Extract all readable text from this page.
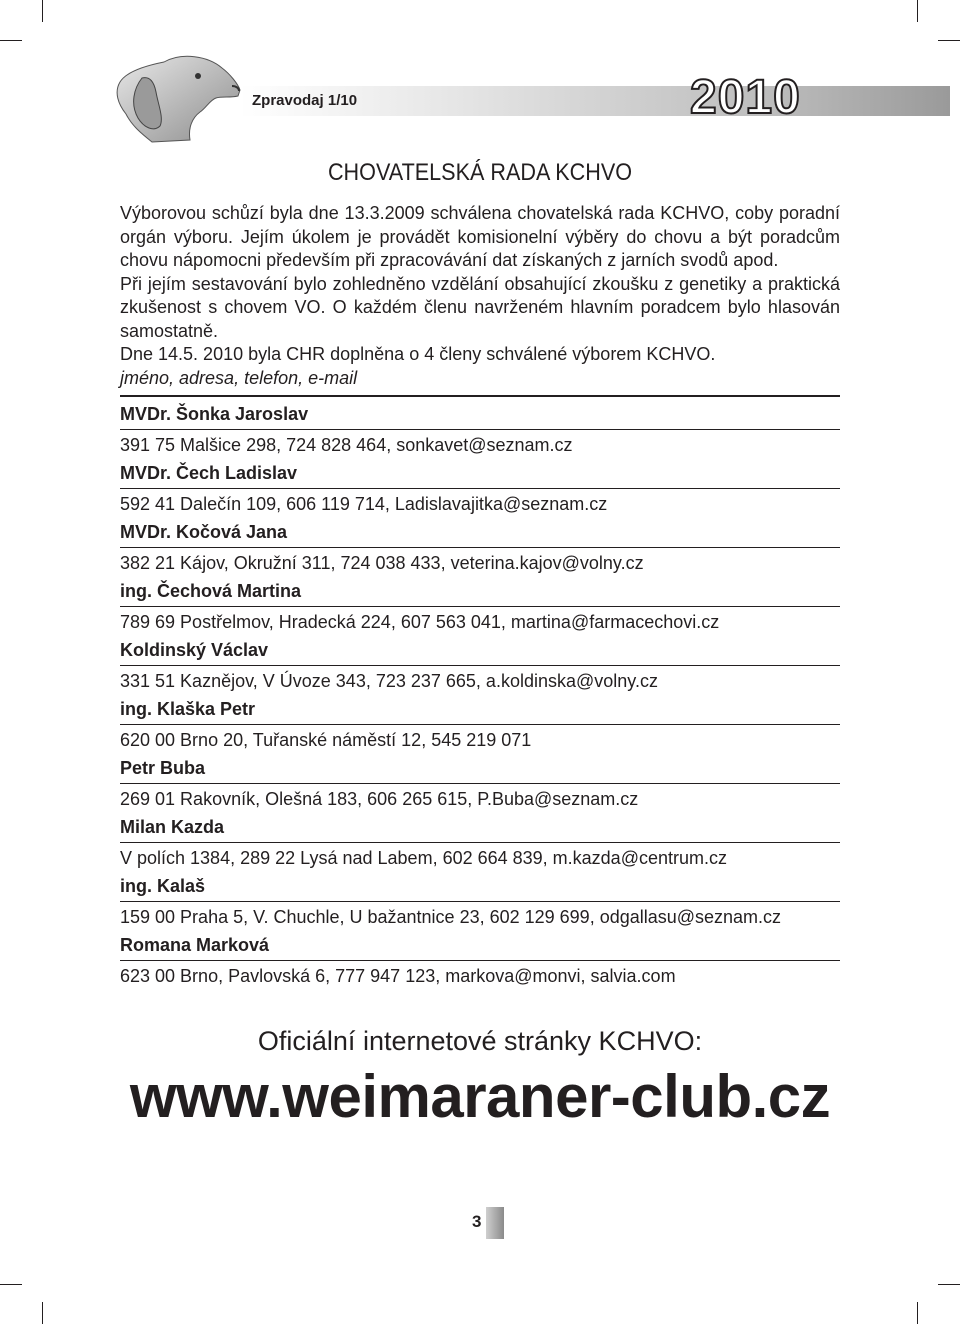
Zpravodaj 1/10	2010
CHOVATELSKÁ RADA KCHVO

Výborovou schůzí byla dne 13.3.2009 schválena chovatelská rada KCHVO, coby poradní orgán výboru. Jejím úkolem je provádět komisionelní výběry do chovu a být poradcům chovu nápomocni především při zpracovávání dat získaných z jarních svodů apod.

Při jejím sestavování bylo zohledněno vzdělání obsahující zkoušku z genetiky a praktická zkušenost s chovem VO. O každém členu navrženém hlavním poradcem bylo hlasován samostatně.

Dne 14.5. 2010 byla CHR doplněna o 4 členy schválené výborem KCHVO.

jméno, adresa, telefon, e-mail

MVDr. Šonka Jaroslav

391 75 Malšice 298, 724 828 464, sonkavet@seznam.cz

MVDr. Čech Ladislav

592 41 Dalečín 109, 606 119 714, Ladislavajitka@seznam.cz

MVDr. Kočová Jana

382 21 Kájov, Okružní 311, 724 038 433, veterina.kajov@volny.cz

ing. Čechová Martina

789 69 Postřelmov, Hradecká 224, 607 563 041, martina@farmacechovi.cz

Koldinský Václav

331 51 Kaznějov, V Úvoze 343, 723 237 665, a.koldinska@volny.cz

ing. Klaška Petr

620 00 Brno 20, Tuřanské náměstí 12, 545 219 071

Petr Buba

269 01 Rakovník, Olešná 183, 606 265 615, P.Buba@seznam.cz

Milan Kazda

V polích 1384, 289 22 Lysá nad Labem, 602 664 839, m.kazda@centrum.cz

ing. Kalaš

159 00 Praha 5, V. Chuchle, U bažantnice 23, 602 129 699, odgallasu@seznam.cz

Romana Marková

623 00 Brno, Pavlovská 6, 777 947 123, markova@monvi, salvia.com

Oficiální internetové stránky KCHVO:
www.weimaraner-club.cz
3
